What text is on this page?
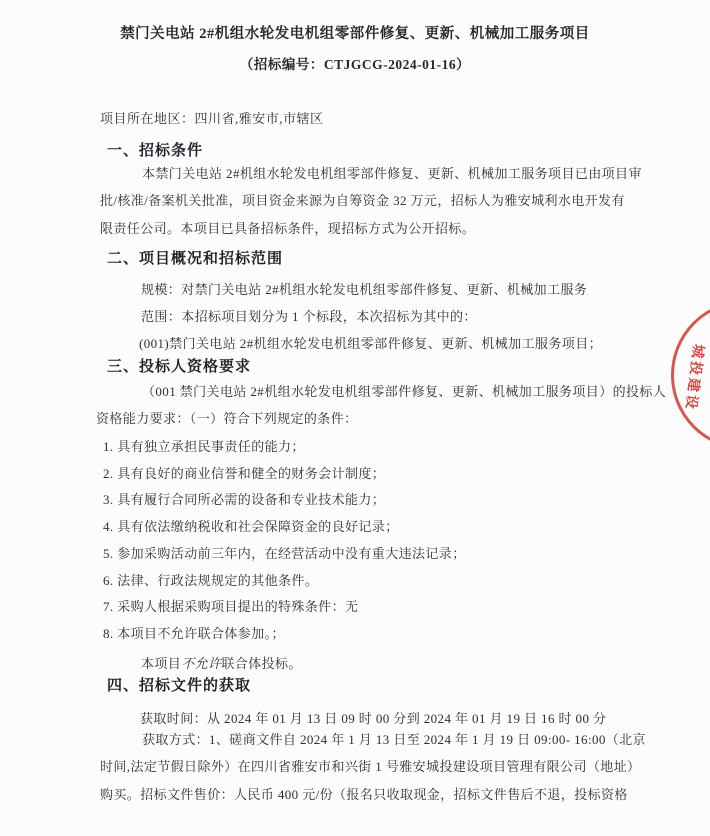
禁门关电站 2#机组水轮发电机组零部件修复、更新、机械加工服务项目
（招标编号：CTJGCG-2024-01-16）
项目所在地区：四川省,雅安市,市辖区
一、招标条件
本禁门关电站 2#机组水轮发电机组零部件修复、更新、机械加工服务项目已由项目审
批/核准/备案机关批准，项目资金来源为自筹资金 32 万元，招标人为雅安城利水电开发有
限责任公司。本项目已具备招标条件，现招标方式为公开招标。
二、项目概况和招标范围
规模：对禁门关电站 2#机组水轮发电机组零部件修复、更新、机械加工服务
范围：本招标项目划分为 1 个标段，本次招标为其中的：
(001)禁门关电站 2#机组水轮发电机组零部件修复、更新、机械加工服务项目；
三、投标人资格要求
（001 禁门关电站 2#机组水轮发电机组零部件修复、更新、机械加工服务项目）的投标人
资格能力要求：（一）符合下列规定的条件：
1. 具有独立承担民事责任的能力；
2. 具有良好的商业信誉和健全的财务会计制度；
3. 具有履行合同所必需的设备和专业技术能力；
4. 具有依法缴纳税收和社会保障资金的良好记录；
5. 参加采购活动前三年内，在经营活动中没有重大违法记录；
6. 法律、行政法规规定的其他条件。
7. 采购人根据采购项目提出的特殊条件：无
8. 本项目不允许联合体参加。；
本项目不允许联合体投标。
四、招标文件的获取
获取时间：从 2024 年 01 月 13 日 09 时 00 分到 2024 年 01 月 19 日 16 时 00 分
获取方式：1、磋商文件自 2024 年 1 月 13 日至 2024 年 1 月 19 日 09:00- 16:00（北京
时间,法定节假日除外）在四川省雅安市和兴街 1 号雅安城投建设项目管理有限公司（地址）
购买。招标文件售价：人民币 400 元/份（报名只收取现金，招标文件售后不退，投标资格
城投建设
